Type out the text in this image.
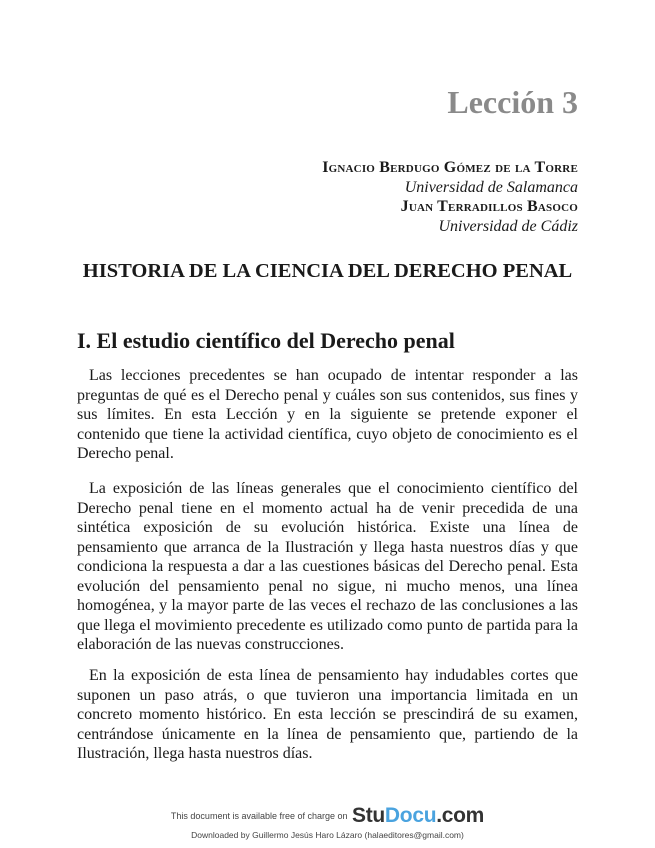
Lección 3
Ignacio Berdugo Gómez de la Torre
Universidad de Salamanca
Juan Terradillos Basoco
Universidad de Cádiz
HISTORIA DE LA CIENCIA DEL DERECHO PENAL
I. El estudio científico del Derecho penal

Las lecciones precedentes se han ocupado de intentar responder a las preguntas de qué es el Derecho penal y cuáles son sus contenidos, sus fines y sus límites. En esta Lección y en la siguiente se pretende exponer el contenido que tiene la actividad científica, cuyo objeto de conocimiento es el Derecho penal.

La exposición de las líneas generales que el conocimiento científico del Derecho penal tiene en el momento actual ha de venir precedida de una sintética exposición de su evolución histórica. Existe una línea de pensamiento que arranca de la Ilustración y llega hasta nuestros días y que condiciona la respuesta a dar a las cuestiones básicas del Derecho penal. Esta evolución del pensamiento penal no sigue, ni mucho menos, una línea homogénea, y la mayor parte de las veces el rechazo de las conclusiones a las que llega el movimiento precedente es utilizado como punto de partida para la elaboración de las nuevas construcciones.

En la exposición de esta línea de pensamiento hay indudables cortes que suponen un paso atrás, o que tuvieron una importancia limitada en un concreto momento histórico. En esta lección se prescindirá de su examen, centrándose únicamente en la línea de pensamiento que, partiendo de la Ilustración, llega hasta nuestros días.

This document is available free of charge on StuDocu.com
Downloaded by Guillermo Jesús Haro Lázaro (halaeditores@gmail.com)
